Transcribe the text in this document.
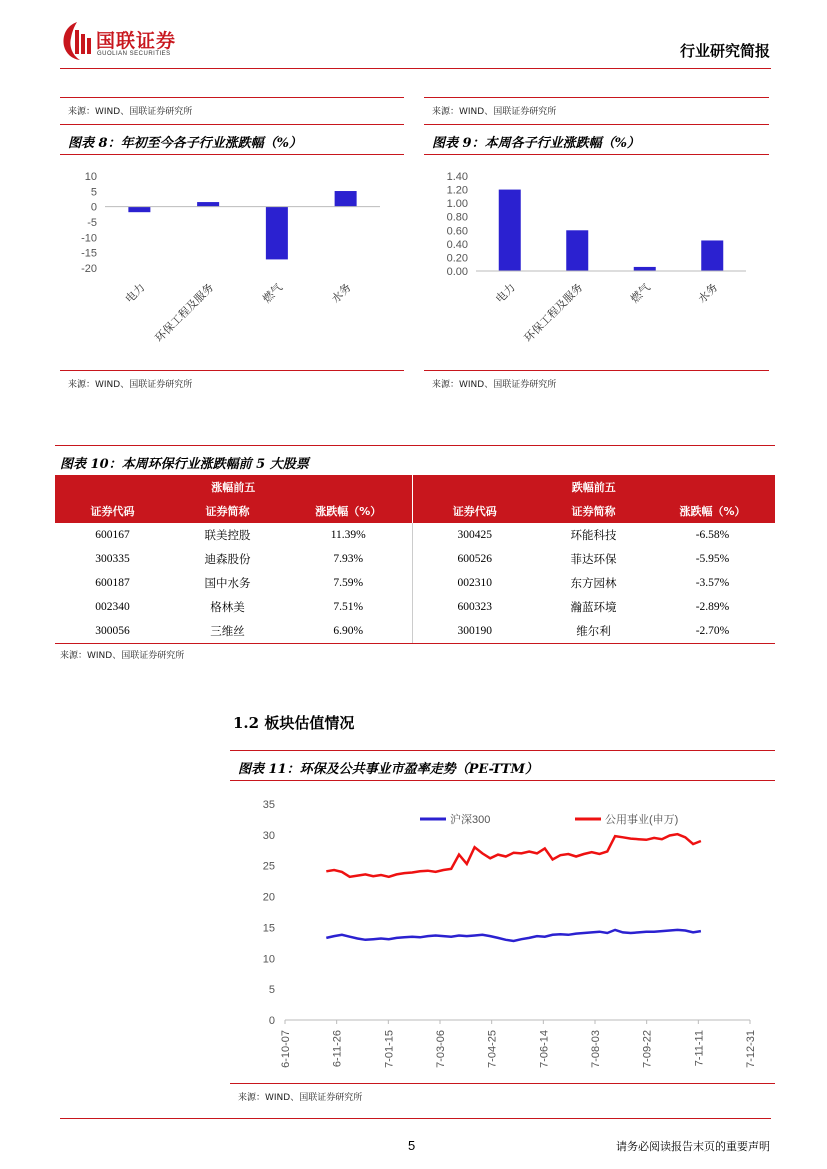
国联证券
GUOLIAN SECURITIES	行业研究简报
来源：WIND、国联证券研究所	来源：WIND、国联证券研究所
图表 8：年初至今各子行业涨跌幅（%）
10
5
0
-5
-10
-15
-20
电力 环保工程及服务	燃气	水务
来源：WIND、国联证券研究所
图表 9：本周各子行业涨跌幅（%）
1.40
1.20
1.00
0.80
0.60
0.40
0.20
0.00
电力 环保工程及服务	燃气	水务
来源：WIND、国联证券研究所
图表 10：本周环保行业涨跌幅前 5 大股票
涨幅前五			跌幅前五		
证券代码	证券简称	涨跌幅（%）	证券代码	证券简称	涨跌幅（%）
600167	联美控股	11.39%	300425	环能科技	-6.58%
300335	迪森股份	7.93%	600526	菲达环保	-5.95%
600187	国中水务	7.59%	002310	东方园林	-3.57%
002340	格林美	7.51%	600323	瀚蓝环境	-2.89%
300056	三维丝	6.90%	300190	维尔利	-2.70%
来源：WIND、国联证券研究所
1.2 板块估值情况
图表 11：环保及公共事业市盈率走势（PE-TTM）
35
30
25
20
15
10
5
0
6-10-07	6-11-26	7-01-15	7-03-06	7-04-25	7-06-14	7-08-03	7-09-22	7-11-11	7-12-31
沪深300	公用事业(申万)
来源：WIND、国联证券研究所
5	请务必阅读报告末页的重要声明
